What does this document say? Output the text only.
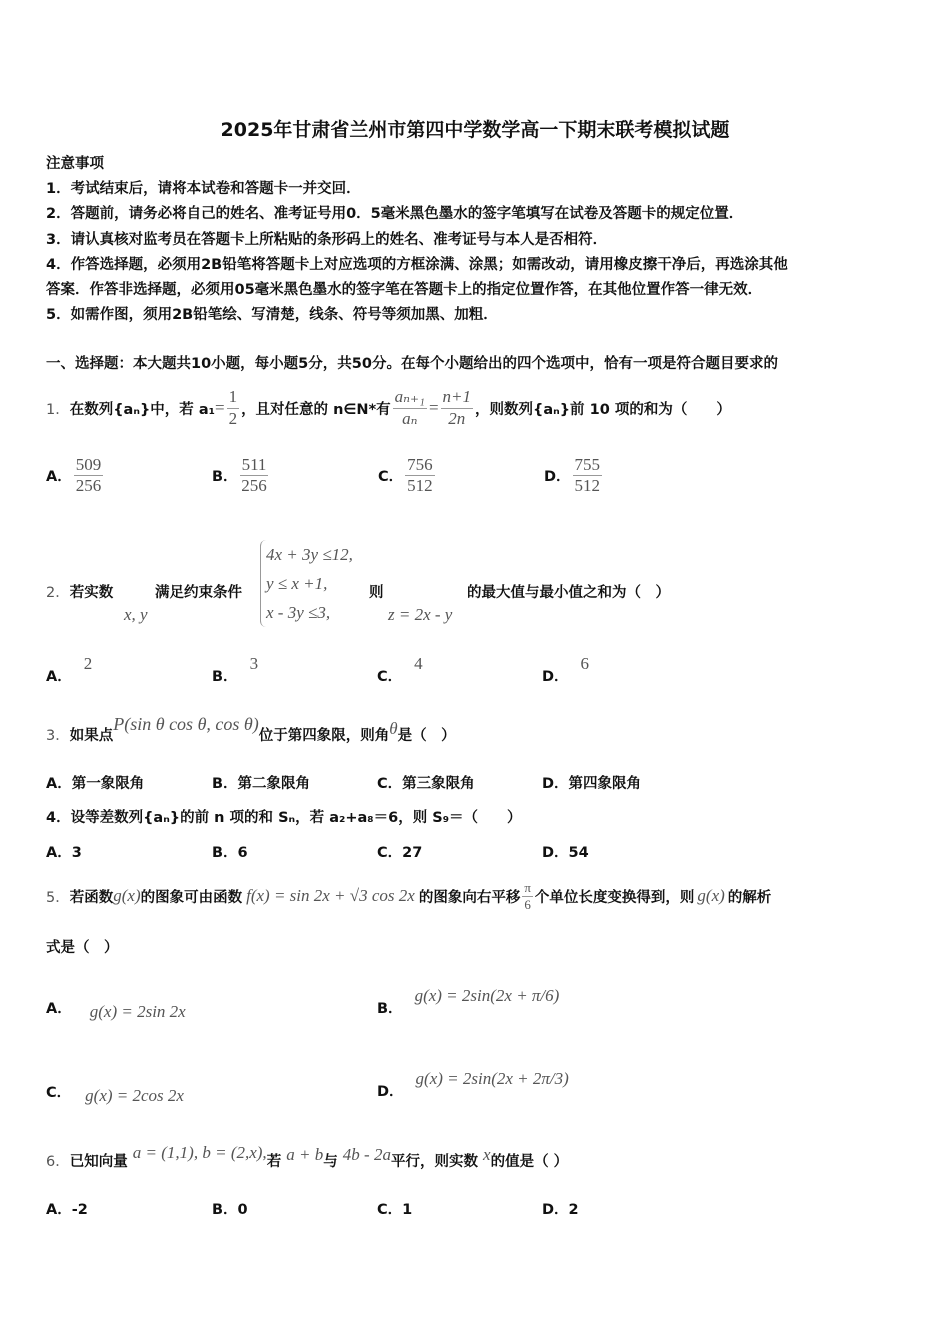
2025年甘肃省兰州市第四中学数学高一下期末联考模拟试题
注意事项
1．考试结束后，请将本试卷和答题卡一并交回．
2．答题前，请务必将自己的姓名、准考证号用0．5毫米黑色墨水的签字笔填写在试卷及答题卡的规定位置．
3．请认真核对监考员在答题卡上所粘贴的条形码上的姓名、准考证号与本人是否相符．
4．作答选择题，必须用2B铅笔将答题卡上对应选项的方框涂满、涂黑；如需改动，请用橡皮擦干净后，再选涂其他
答案．作答非选择题，必须用05毫米黑色墨水的签字笔在答题卡上的指定位置作答，在其他位置作答一律无效．
5．如需作图，须用2B铅笔绘、写清楚，线条、符号等须加黑、加粗．
一、选择题：本大题共10小题，每小题5分，共50分。在每个小题给出的四个选项中，恰有一项是符合题目要求的
1． 在数列{aₙ}中，若 $a_1 = \frac{1}{2}$ ，且对任意的 n∈N*有 $\frac{\text{aₙ₊₁}}{\text{aₙ}} = \frac{n+1}{2n}$ ，则数列{aₙ}前 10 项的和为（　　）
A． $\frac{509}{256}$	B． $\frac{511}{256}$	C． $\frac{756}{512}$	D． $\frac{755}{512}$
2．若实数
x, y
满足约束条件
4x + 3y ≤12,
y ≤ x +1,
x - 3y ≤3,
则
z = 2x - y
的最大值与最小值之和为（　）
A．2
B．3
C．4
D．6
3．如果点P(sin θ cos θ, cos θ)位于第四象限，则角θ是（　）
A．第一象限角	B．第二象限角	C．第三象限角	D．第四象限角
4．设等差数列{aₙ}的前 n 项的和 Sₙ，若 a₂+a₈＝6，则 S₉＝（　　）
A．3	B．6	C．27	D．54
5． 若函数 g(x) 的图象可由函数 f(x) = sin 2x + √3 cos 2x 的图象向右平移 $\frac{\pi}{6}$ 个单位长度变换得到，则 g(x) 的解析
式是（　）
A． g(x) = 2sin 2x	B．g(x) = 2sin(2x + π/6)
C． g(x) = 2cos 2x	D．g(x) = 2sin(2x + 2π/3)
6．已知向量 a = (1,1), b = (2,x),若 a + b与 4b - 2a平行，则实数 x的值是（ ）
A．-2	B．0	C．1	D．2
